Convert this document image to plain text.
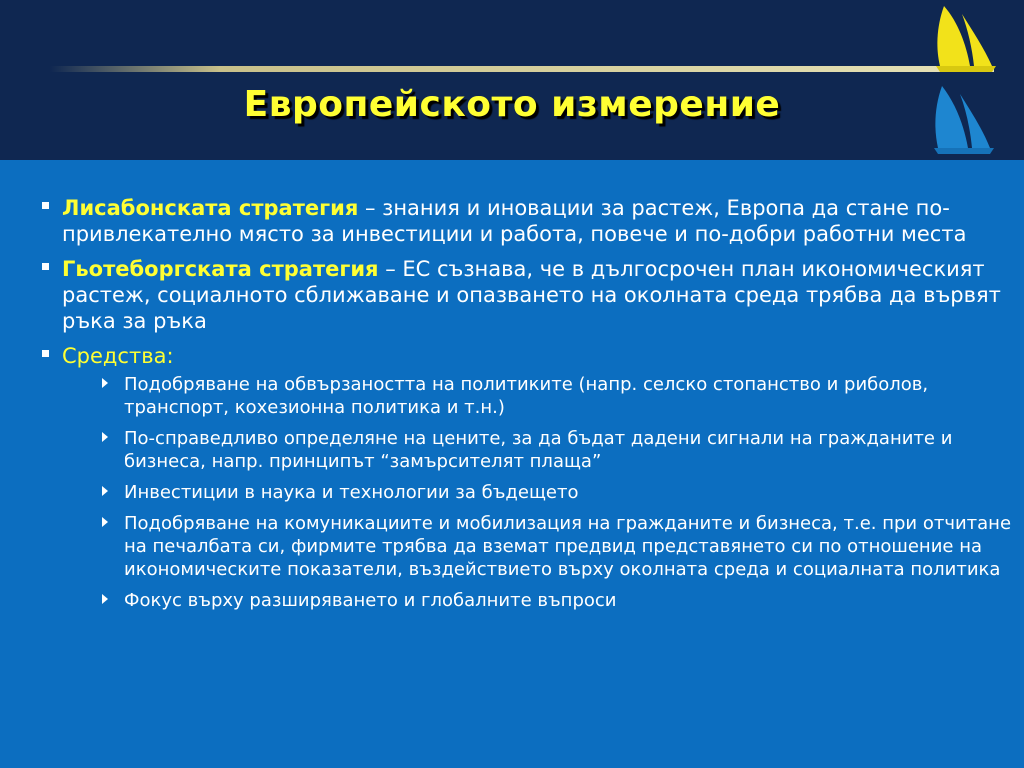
Европейското измерение
Лисабонската стратегия – знания и иновации за растеж, Европа да стане по-привлекателно място за инвестиции и работа, повече и по-добри работни места
Гьотеборгската стратегия – ЕС съзнава, че в дългосрочен план икономическият растеж, социалното сближаване и опазването на околната среда трябва да вървят ръка за ръка
Средства:
Подобряване на обвързаността на политиките (напр. селско стопанство и риболов, транспорт, кохезионна политика и т.н.)
По-справедливо определяне на цените, за да бъдат дадени сигнали на гражданите и бизнеса, напр. принципът “замърсителят плаща”
Инвестиции в наука и технологии за бъдещето
Подобряване на комуникациите и мобилизация на гражданите и бизнеса, т.е. при отчитане на печалбата си, фирмите трябва да вземат предвид представянето си по отношение на икономическите показатели, въздействието върху околната среда и социалната политика
Фокус върху разширяването и глобалните въпроси
